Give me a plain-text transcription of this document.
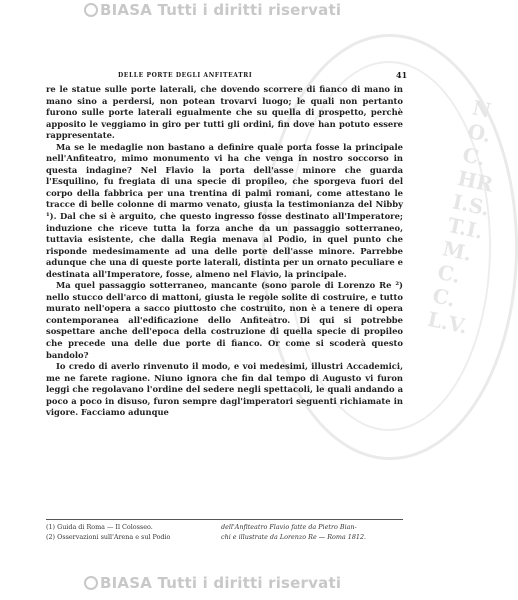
BIASA Tutti i diritti riservati
NO.C.HRI.S.T.I.M.C.C.L.V.
DELLE PORTE DEGLI ANFITEATRI	41

re le statue sulle porte laterali, che dovendo scorrere di fianco di mano in mano sino a perdersi, non potean trovarvi luogo; le quali non pertanto furono sulle porte laterali egualmente che su quella di prospetto, perchè apposito le veggiamo in giro per tutti gli ordini, fin dove han potuto essere rappresentate.

Ma se le medaglie non bastano a definire quale porta fosse la principale nell'Anfiteatro, mimo monumento vi ha che venga in nostro soccorso in questa indagine? Nel Flavio la porta dell'asse minore che guarda l'Esquilino, fu fregiata di una specie di propileo, che sporgeva fuori del corpo della fabbrica per una trentina di palmi romani, come attestano le tracce di belle colonne di marmo venato, giusta la testimonianza del Nibby ¹). Dal che si è arguito, che questo ingresso fosse destinato all'Imperatore; induzione che riceve tutta la forza anche da un passaggio sotterraneo, tuttavia esistente, che dalla Regia menava al Podio, in quel punto che risponde medesimamente ad una delle porte dell'asse minore. Parrebbe adunque che una di queste porte laterali, distinta per un ornato peculiare e destinata all'Imperatore, fosse, almeno nel Flavio, la principale.

Ma quel passaggio sotterraneo, mancante (sono parole di Lorenzo Re ²) nello stucco dell'arco di mattoni, giusta le regole solite di costruire, e tutto murato nell'opera a sacco piuttosto che costruito, non è a tenere di opera contemporanea all'edificazione dello Anfiteatro. Di qui si potrebbe sospettare anche dell'epoca della costruzione di quella specie di propileo che precede una delle due porte di fianco. Or come si scoderà questo bandolo?

Io credo di averlo rinvenuto il modo, e voi medesimi, illustri Accademici, me ne farete ragione. Niuno ignora che fin dal tempo di Augusto vi furon leggi che regolavano l'ordine del sedere negli spettacoli, le quali andando a poco a poco in disuso, furon sempre dagl'imperatori seguenti richiamate in vigore. Facciamo adunque

(1) Guida di Roma — Il Colosseo.	dell'Anfiteatro Flavio fatte da Pietro Bian-
(2) Osservazioni sull'Arena e sul Podio	chi e illustrate da Lorenzo Re — Roma 1812.
BIASA Tutti i diritti riservati
